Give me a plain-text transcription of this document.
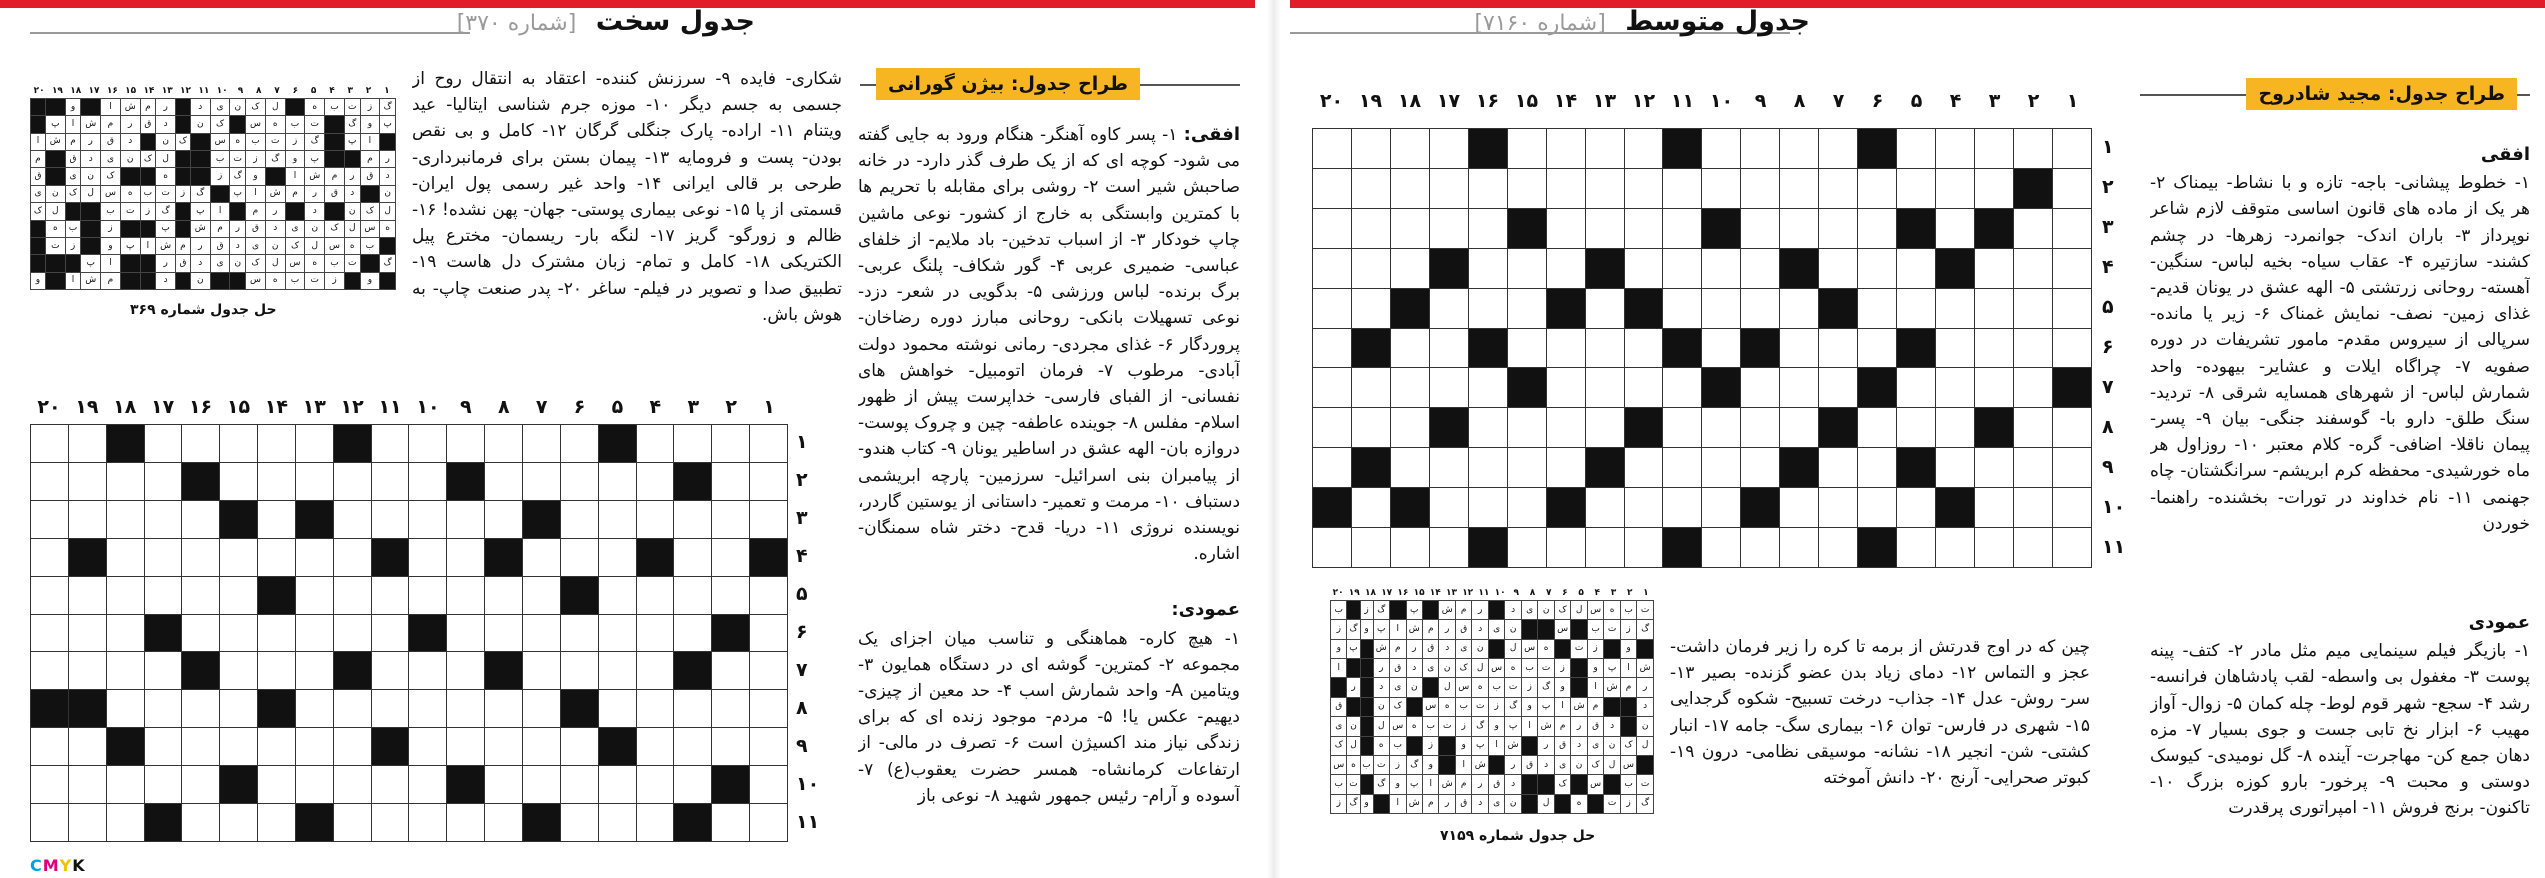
جدول سخت [شماره ۳۷۰]
طراح جدول: بیژن گورانی
افقی: ۱- پسر کاوه آهنگر- هنگام ورود به جایی گفته می شود- کوچه ای که از یک طرف گذر دارد- در خانه صاحبش شیر است ۲- روشی برای مقابله با تحریم ها با کمترین وابستگی به خارج از کشور- نوعی ماشین چاپ خودکار ۳- از اسباب تدخین- باد ملایم- از خلفای عباسی- ضمیری عربی ۴- گور شکاف- پلنگ عربی- برگ برنده- لباس ورزشی ۵- بدگویی در شعر- دزد- نوعی تسهیلات بانکی- روحانی مبارز دوره رضاخان- پروردگار ۶- غذای مجردی- رمانی نوشته محمود دولت آبادی- مرطوب ۷- فرمان اتومبیل- خواهش های نفسانی- از الفبای فارسی- خداپرست پیش از ظهور اسلام- مفلس ۸- جوینده عاطفه- چین و چروک پوست- دروازه بان- الهه عشق در اساطیر یونان ۹- کتاب هندو- از پیامبران بنی اسرائیل- سرزمین- پارچه ابریشمی دستباف ۱۰- مرمت و تعمیر- داستانی از یوستین گاردر، نویسنده نروژی ۱۱- دریا- قدح- دختر شاه سمنگان- اشاره.
عمودی:
۱- هیچ کاره- هماهنگی و تناسب میان اجزای یک مجموعه ۲- کمترین- گوشه ای در دستگاه همایون ۳- ویتامین A- واحد شمارش اسب ۴- حد معین از چیزی- دیهیم- عکس یا! ۵- مردم- موجود زنده ای که برای زندگی نیاز مند اکسیژن است ۶- تصرف در مالی- از ارتفاعات کرمانشاه- همسر حضرت یعقوب(ع) ۷- آسوده و آرام- رئیس جمهور شهید ۸- نوعی باز
شکاری- فایده ۹- سرزنش کننده- اعتقاد به انتقال روح از جسمی به جسم دیگر ۱۰- موزه جرم شناسی ایتالیا- عید ویتنام ۱۱- اراده- پارک جنگلی گرگان ۱۲- کامل و بی نقص بودن- پست و فرومایه ۱۳- پیمان بستن برای فرمانبرداری- طرحی بر قالی ایرانی ۱۴- واحد غیر رسمی پول ایران- قسمتی از پا ۱۵- نوعی بیماری پوستی- جهان- پهن نشده! ۱۶- ظالم و زورگو- گریز ۱۷- لنگه بار- ریسمان- مخترع پیل الکتریکی ۱۸- کامل و تمام- زبان مشترک دل هاست ۱۹- تطبیق صدا و تصویر در فیلم- ساغر ۲۰- پدر صنعت چاپ- به هوش باش.
۱
۲
۳
۴
۵
۶
۷
۸
۹
۱۰
۱۱
۱۲
۱۳
۱۴
۱۵
۱۶
۱۷
۱۸
۱۹
۲۰
		و		ا	ش	م	ر		د	ی	ن	ک	ل		ه	ب	ت	ز	گ
	پ	ا	ش	م	ر	ق	د		ن	ک		س	ه	ب	ت		گ	و	پ
ا	ش	م	ر	ق	د		ن	ک		س	ه	ب	ت	ز	گ		پ	ا	
م		ق	د	ی	ن	ک	ل			ب	ت	ز	گ	و	پ			م	ر
ق		ی	ن	ک			ه			ز	گ	و		ا	ش	م	ر	ق	د
ی	ن	ک	ل	س	ه	ب	ت	ز	گ		پ	ا	ش	م	ر	ق	د		ن
ک	ل			ب	ت	ز	گ		پ	ا		م	ر		د		ن	ک	ل
	ه	ب		ز			پ		ش	م	ر	ق	د	ی	ن	ک	ل	س	ه
	ت	ز		و	پ	ا	ش	م	ر	ق	د	ی	ن	ک	ل	س	ه	ب	
			پ	ا			ر	ق	د	ی	ن	ک	ل	س	ه	ب	ت		گ
و		ا	ش	م			د		ن			س	ه	ب	ت	ز		و	
حل جدول شماره ۳۶۹
۱
۲
۳
۴
۵
۶
۷
۸
۹
۱۰
۱۱
۱۲
۱۳
۱۴
۱۵
۱۶
۱۷
۱۸
۱۹
۲۰

۱
۲
۳
۴
۵
۶
۷
۸
۹
۱۰
۱۱
CMYK
جدول متوسط [شماره ۷۱۶۰]
طراح جدول: مجید شادروح
افقی
۱- خطوط پیشانی- باجه- تازه و با نشاط- بیمناک ۲- هر یک از ماده های قانون اساسی متوقف لازم شاعر نوپرداز ۳- باران اندک- جوانمرد- زهرها- در چشم کشند- سازتیره ۴- عقاب سیاه- بخیه لباس- سنگین- آهسته- روحانی زرتشتی ۵- الهه عشق در یونان قدیم- غذای زمین- نصف- نمایش غمناک ۶- زیر یا مانده- سرپالی از سیروس مقدم- مامور تشریفات در دوره صفویه ۷- چراگاه ایلات و عشایر- بیهوده- واحد شمارش لباس- از شهرهای همسایه شرقی ۸- تردید- سنگ طلق- دارو با- گوسفند جنگی- بیان ۹- پسر- پیمان ناقلا- اضافی- گره- کلام معتبر ۱۰- روزاول هر ماه خورشیدی- محفظه کرم ابریشم- سرانگشتان- چاه جهنمی ۱۱- نام خداوند در تورات- بخشنده- راهنما- خوردن
عمودی
۱- بازیگر فیلم سینمایی میم مثل مادر ۲- کتف- پینه پوست ۳- مغفول بی واسطه- لقب پادشاهان فرانسه- رشد ۴- سجع- شهر قوم لوط- چله کمان ۵- زوال- آواز مهیب ۶- ابزار نخ تابی جست و جوی بسیار ۷- مزه دهان جمع کن- مهاجرت- آینده ۸- گل نومیدی- کیوسک دوستی و محبت ۹- پرخور- بارو کوزه بزرگ ۱۰- تاکنون- برنج فروش ۱۱- امپراتوری پرقدرت
چین که در اوج قدرتش از برمه تا کره را زیر فرمان داشت- عجز و التماس ۱۲- دمای زیاد بدن عضو گزنده- بصیر ۱۳- سر- روش- عدل ۱۴- جذاب- درخت تسبیح- شکوه گرجدایی ۱۵- شهری در فارس- توان ۱۶- بیماری سگ- جامه ۱۷- انبار کشتی- شن- انجیر ۱۸- نشانه- موسیقی نظامی- درون ۱۹- کبوتر صحرایی- آرنج ۲۰- دانش آموخته
۱
۲
۳
۴
۵
۶
۷
۸
۹
۱۰
۱۱
۱۲
۱۳
۱۴
۱۵
۱۶
۱۷
۱۸
۱۹
۲۰

۱
۲
۳
۴
۵
۶
۷
۸
۹
۱۰
۱۱
۱
۲
۳
۴
۵
۶
۷
۸
۹
۱۰
۱۱
۱۲
۱۳
۱۴
۱۵
۱۶
۱۷
۱۸
۱۹
۲۰
ب		ز	گ		پ		ش	م	ر		د	ی	ن	ک	ل	س	ه	ب	ت
ز	گ	و	پ	ا	ش	م	ر	ق	د	ی	ن			س		ب	ت	ز	گ
و	پ		ش	م	ر	ق	د	ی	ن		ل	س	ه		ت	ز		و	
ا			ر	ق	د	ی	ن	ک	ل	س	ه	ب	ت	ز		و	پ	ا	ش
	ر		د	ی	ن		ل	س	ه	ب	ت	ز	گ	و		ا	ش	م	ر
ق			ن	ک		س	ه	ب	ت	ز	گ	و	پ	ا	ش	م			د
ی	ن		ل	س	ه	ب	ت	ز	گ	و	پ	ا	ش	م	ر	ق	د		ن
ک	ل		ه	ب		ز		و	پ	ا	ش		ر	ق	د	ی	ن	ک	ل
س	ه	ب	ت	ز	گ	و		ا	ش		ر	ق	د	ی	ن	ک	ل	س	
ب	ت		گ	و	پ	ا	ش	م	ر	ق	د			ک		س		ب	ت
ز	گ	و		ا	ش	م	ر	ق	د	ی	ن		ل		ه		ت	ز	گ
حل جدول شماره ۷۱۵۹
